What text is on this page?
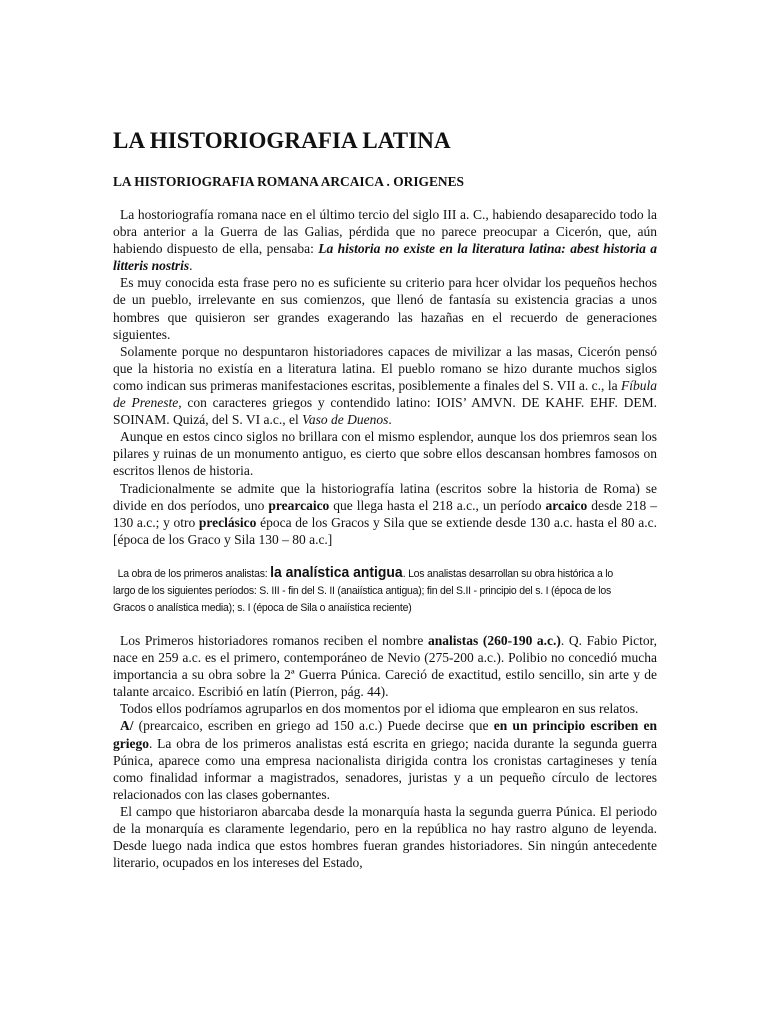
LA HISTORIOGRAFIA LATINA
LA HISTORIOGRAFIA ROMANA ARCAICA . ORIGENES

La hostoriografía romana nace en el último tercio del siglo III a. C., habiendo desaparecido todo la obra anterior a la Guerra de las Galias, pérdida que no parece preocupar a Cicerón, que, aún habiendo dispuesto de ella, pensaba: La historia no existe en la literatura latina: abest historia a litteris nostris.

Es muy conocida esta frase pero no es suficiente su criterio para hcer olvidar los pequeños hechos de un pueblo, irrelevante en sus comienzos, que llenó de fantasía su existencia gracias a unos hombres que quisieron ser grandes exagerando las hazañas en el recuerdo de generaciones siguientes.

Solamente porque no despuntaron historiadores capaces de mivilizar a las masas, Cicerón pensó que la historia no existía en a literatura latina. El pueblo romano se hizo durante muchos siglos como indican sus primeras manifestaciones escritas, posiblemente a finales del S. VII a. c., la Fíbula de Preneste, con caracteres griegos y contendido latino: IOIS’ AMVN. DE KAHF. EHF. DEM. SOINAM. Quizá, del S. VI a.c., el Vaso de Duenos.

Aunque en estos cinco siglos no brillara con el mismo esplendor, aunque los dos priemros sean los pilares y ruinas de un monumento antiguo, es cierto que sobre ellos descansan hombres famosos on escritos llenos de historia.

Tradicionalmente se admite que la historiografía latina (escritos sobre la historia de Roma) se divide en dos períodos, uno prearcaico que llega hasta el 218 a.c., un período arcaico desde 218 – 130 a.c.; y otro preclásico época de los Gracos y Sila que se extiende desde 130 a.c. hasta el 80 a.c. [época de los Graco y Sila 130 – 80 a.c.]

La obra de los primeros analistas: la analística antigua. Los analistas desarrollan su obra histórica a lo largo de los siguientes períodos: S. III - fin del S. II (anaiística antigua); fin del S.II - principio del s. I (época de los Gracos o analística media); s. I (época de Sila o anaiística reciente)

Los Primeros historiadores romanos reciben el nombre analistas (260-190 a.c.). Q. Fabio Pictor, nace en 259 a.c. es el primero, contemporáneo de Nevio (275-200 a.c.). Polibio no concedió mucha importancia a su obra sobre la 2ª Guerra Púnica. Careció de exactitud, estilo sencillo, sin arte y de talante arcaico. Escribió en latín (Pierron, pág. 44).

Todos ellos podríamos agruparlos en dos momentos por el idioma que emplearon en sus relatos.

A/ (prearcaico, escriben en griego ad 150 a.c.) Puede decirse que en un principio escriben en griego. La obra de los primeros analistas está escrita en griego; nacida durante la segunda guerra Púnica, aparece como una empresa nacionalista dirigida contra los cronistas cartagineses y tenía como finalidad informar a magistrados, senadores, juristas y a un pequeño círculo de lectores relacionados con las clases gobernantes.

El campo que historiaron abarcaba desde la monarquía hasta la segunda guerra Púnica. El periodo de la monarquía es claramente legendario, pero en la república no hay rastro alguno de leyenda. Desde luego nada indica que estos hombres fueran grandes historiadores. Sin ningún antecedente literario, ocupados en los intereses del Estado,
